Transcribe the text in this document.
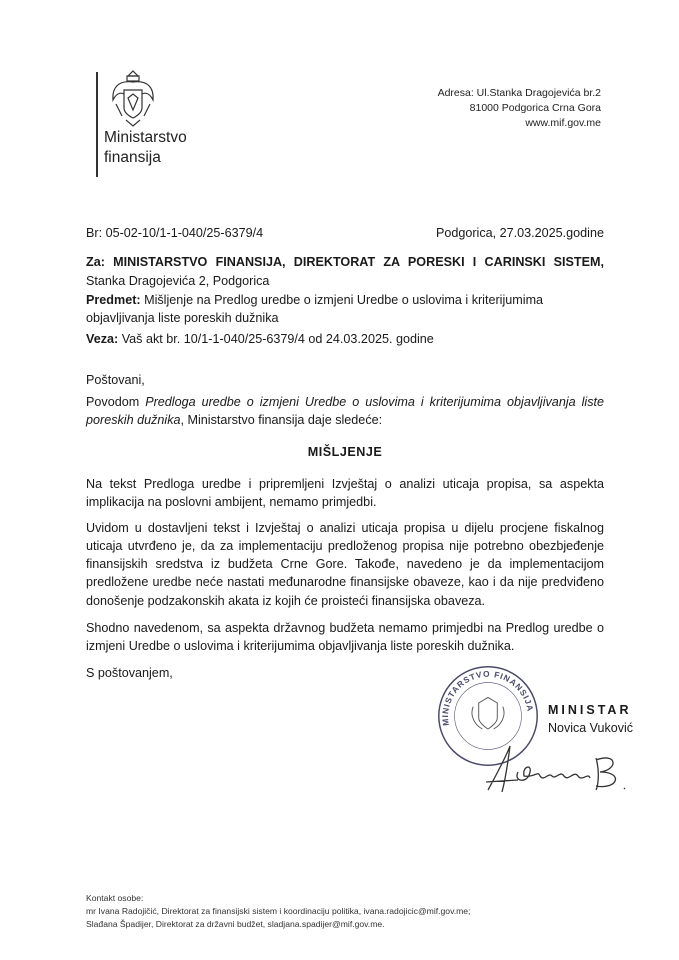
Ministarstvo
finansija
Adresa: Ul.Stanka Dragojevića br.2
81000 Podgorica Crna Gora
www.mif.gov.me
Br: 05-02-10/1-1-040/25-6379/4	Podgorica, 27.03.2025.godine
Za: MINISTARSTVO FINANSIJA, DIREKTORAT ZA PORESKI I CARINSKI SISTEM, Stanka Dragojevića 2, Podgorica
Predmet: Mišljenje na Predlog uredbe o izmjeni Uredbe o uslovima i kriterijumima objavljivanja liste poreskih dužnika
Veza: Vaš akt br. 10/1-1-040/25-6379/4 od 24.03.2025. godine
Poštovani,
Povodom Predloga uredbe o izmjeni Uredbe o uslovima i kriterijumima objavljivanja liste poreskih dužnika, Ministarstvo finansija daje sledeće:
MIŠLJENJE
Na tekst Predloga uredbe i pripremljeni Izvještaj o analizi uticaja propisa, sa aspekta implikacija na poslovni ambijent, nemamo primjedbi.
Uvidom u dostavljeni tekst i Izvještaj o analizi uticaja propisa u dijelu procjene fiskalnog uticaja utvrđeno je, da za implementaciju predloženog propisa nije potrebno obezbjeđenje finansijskih sredstva iz budžeta Crne Gore. Takođe, navedeno je da implementacijom predložene uredbe neće nastati međunarodne finansijske obaveze, kao i da nije predviđeno donošenje podzakonskih akata iz kojih će proisteći finansijska obaveza.
Shodno navedenom, sa aspekta državnog budžeta nemamo primjedbi na Predlog uredbe o izmjeni Uredbe o uslovima i kriterijumima objavljivanja liste poreskih dužnika.
S poštovanjem,
MINISTARSTVO FINANSIJA MINISTAR
Novica Vuković
Kontakt osobe:
mr Ivana Radojičić, Direktorat za finansijski sistem i koordinaciju politika, ivana.radojicic@mif.gov.me;
Slađana Špadijer, Direktorat za državni budžet, sladjana.spadijer@mif.gov.me.
